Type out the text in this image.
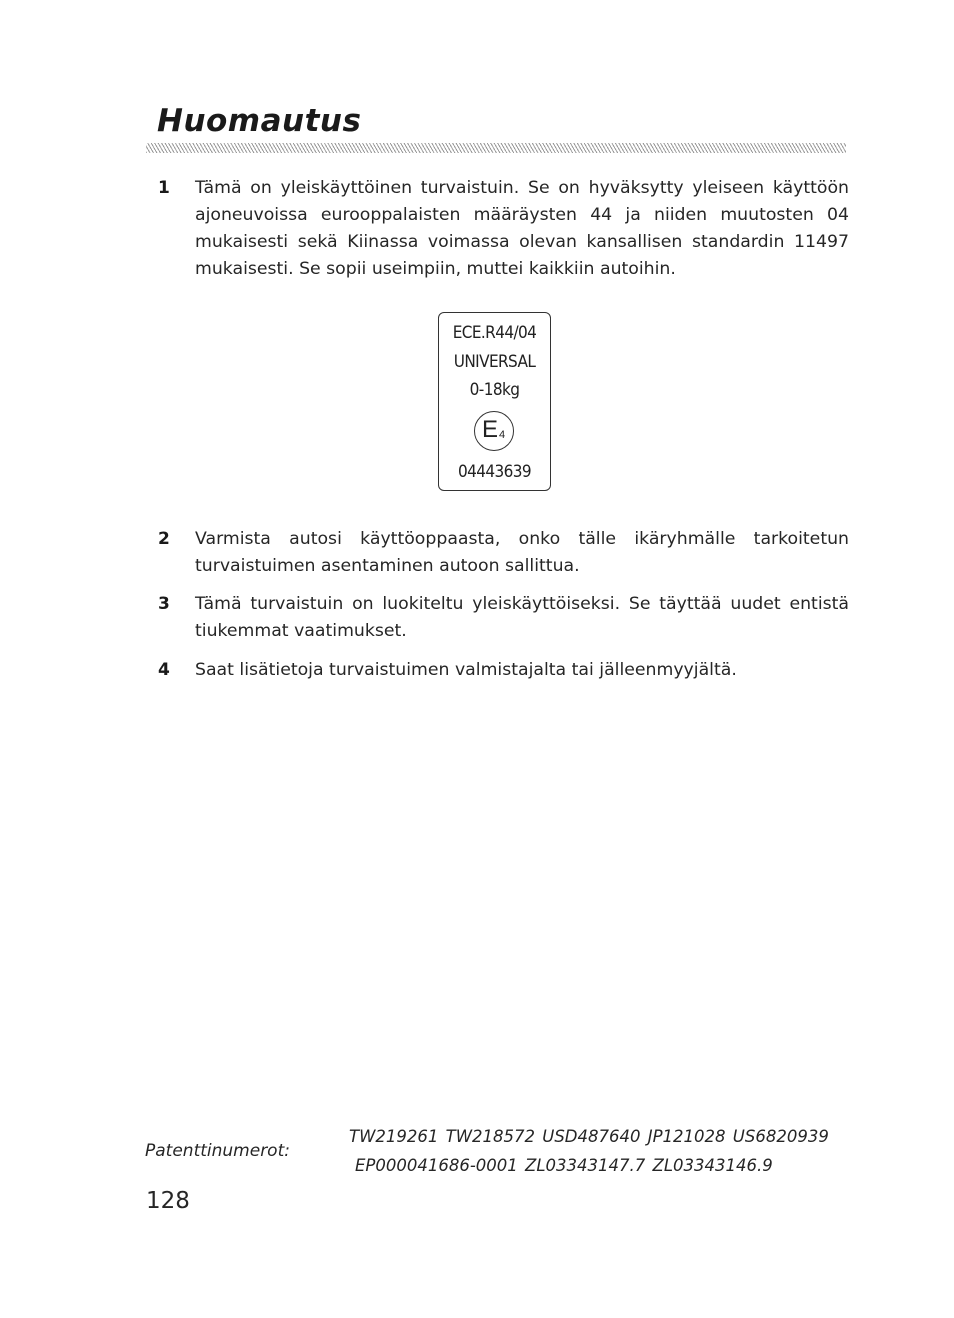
Huomautus
1 Tämä on yleiskäyttöinen turvaistuin. Se on hyväksytty yleiseen käyttöön ajoneuvoissa eurooppalaisten määräysten 44 ja niiden muutosten 04 mukaisesti sekä Kiinassa voimassa olevan kansallisen standardin 11497 mukaisesti. Se sopii useimpiin, muttei kaikkiin autoihin.
ECE.R44/04
UNIVERSAL
0-18kg
E 4
04443639
2 Varmista autosi käyttöoppaasta, onko tälle ikäryhmälle tarkoitetun turvaistuimen asentaminen autoon sallittua.
3 Tämä turvaistuin on luokiteltu yleiskäyttöiseksi. Se täyttää uudet entistä tiukemmat vaatimukset.
4 Saat lisätietoja turvaistuimen valmistajalta tai jälleenmyyjältä.
Patenttinumerot:
TW219261 TW218572 USD487640 JP121028 US6820939
EP000041686-0001 ZL03343147.7 ZL03343146.9
128
